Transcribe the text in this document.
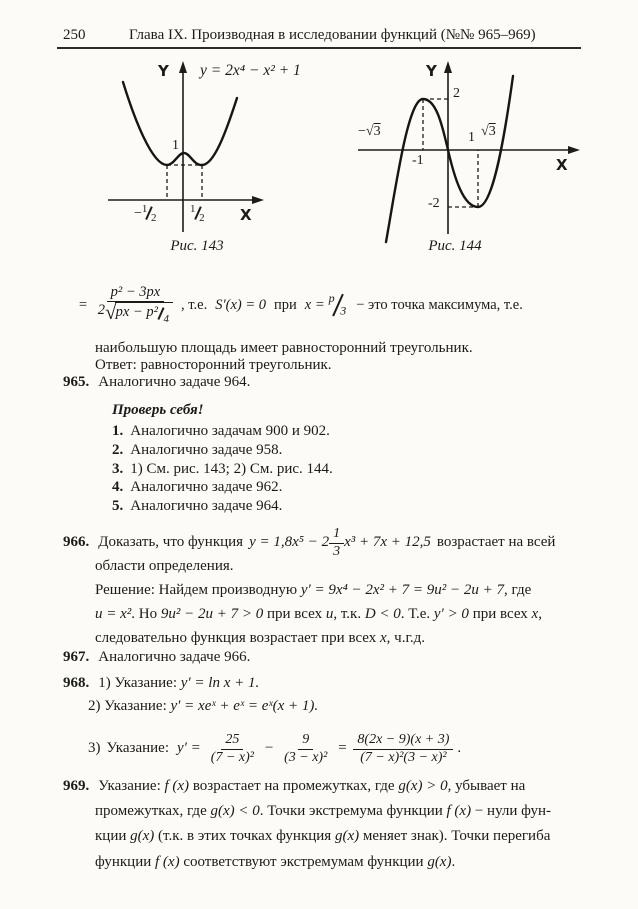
250	Глава IX. Производная в исследовании функций (№№ 965–969)
Y y = 2x⁴ − x² + 1
1
−$^1_2$
$^1_2$ X
Рис. 143
Y
2
−√3
-1
1 √3
-2
X
Рис. 144
= $\frac{\text{p² − 3px}}{2 √ px - p^2 _4}$ , т.е. S′(x) = 0 при x = $^p_3$ − это точка максимума, т.е.
наибольшую площадь имеет равносторонний треугольник.
Ответ: равносторонний треугольник.
965. Аналогично задаче 964.
Проверь себя!
1. Аналогично задачам 900 и 902.
2. Аналогично задаче 958.
3. 1) См. рис. 143; 2) См. рис. 144.
4. Аналогично задаче 962.
5. Аналогично задаче 964.
966. Доказать, что функция y = 1,8x⁵ − 2
1
3
x³ + 7x + 12,5 возрастает на всей
области определения.
Решение: Найдем производную y′ = 9x⁴ − 2x² + 7 = 9u² − 2u + 7, где
u = x². Но 9u² − 2u + 7 > 0 при всех u, т.к. D < 0. Т.е. y′ > 0 при всех x,
следовательно функция возрастает при всех x, ч.г.д.
967. Аналогично задаче 966.
968. 1) Указание: y′ = ln x + 1.
2) Указание: y′ = xeˣ + eˣ = eˣ(x + 1).
3) Указание: $y' = \frac{25}{\text{(7 − x)²}} - \frac{9}{\text{(3 − x)²}} = \frac{8(2x - 9)(x + 3)}{\text{(7 − x)²(3 − x)²}}$ .
969. Указание: f (x) возрастает на промежутках, где g(x) > 0, убывает на
промежутках, где g(x) < 0. Точки экстремума функции f (x) − нули фун-
кции g(x) (т.к. в этих точках функция g(x) меняет знак). Точки перегиба
функции f (x) соответствуют экстремумам функции g(x).
